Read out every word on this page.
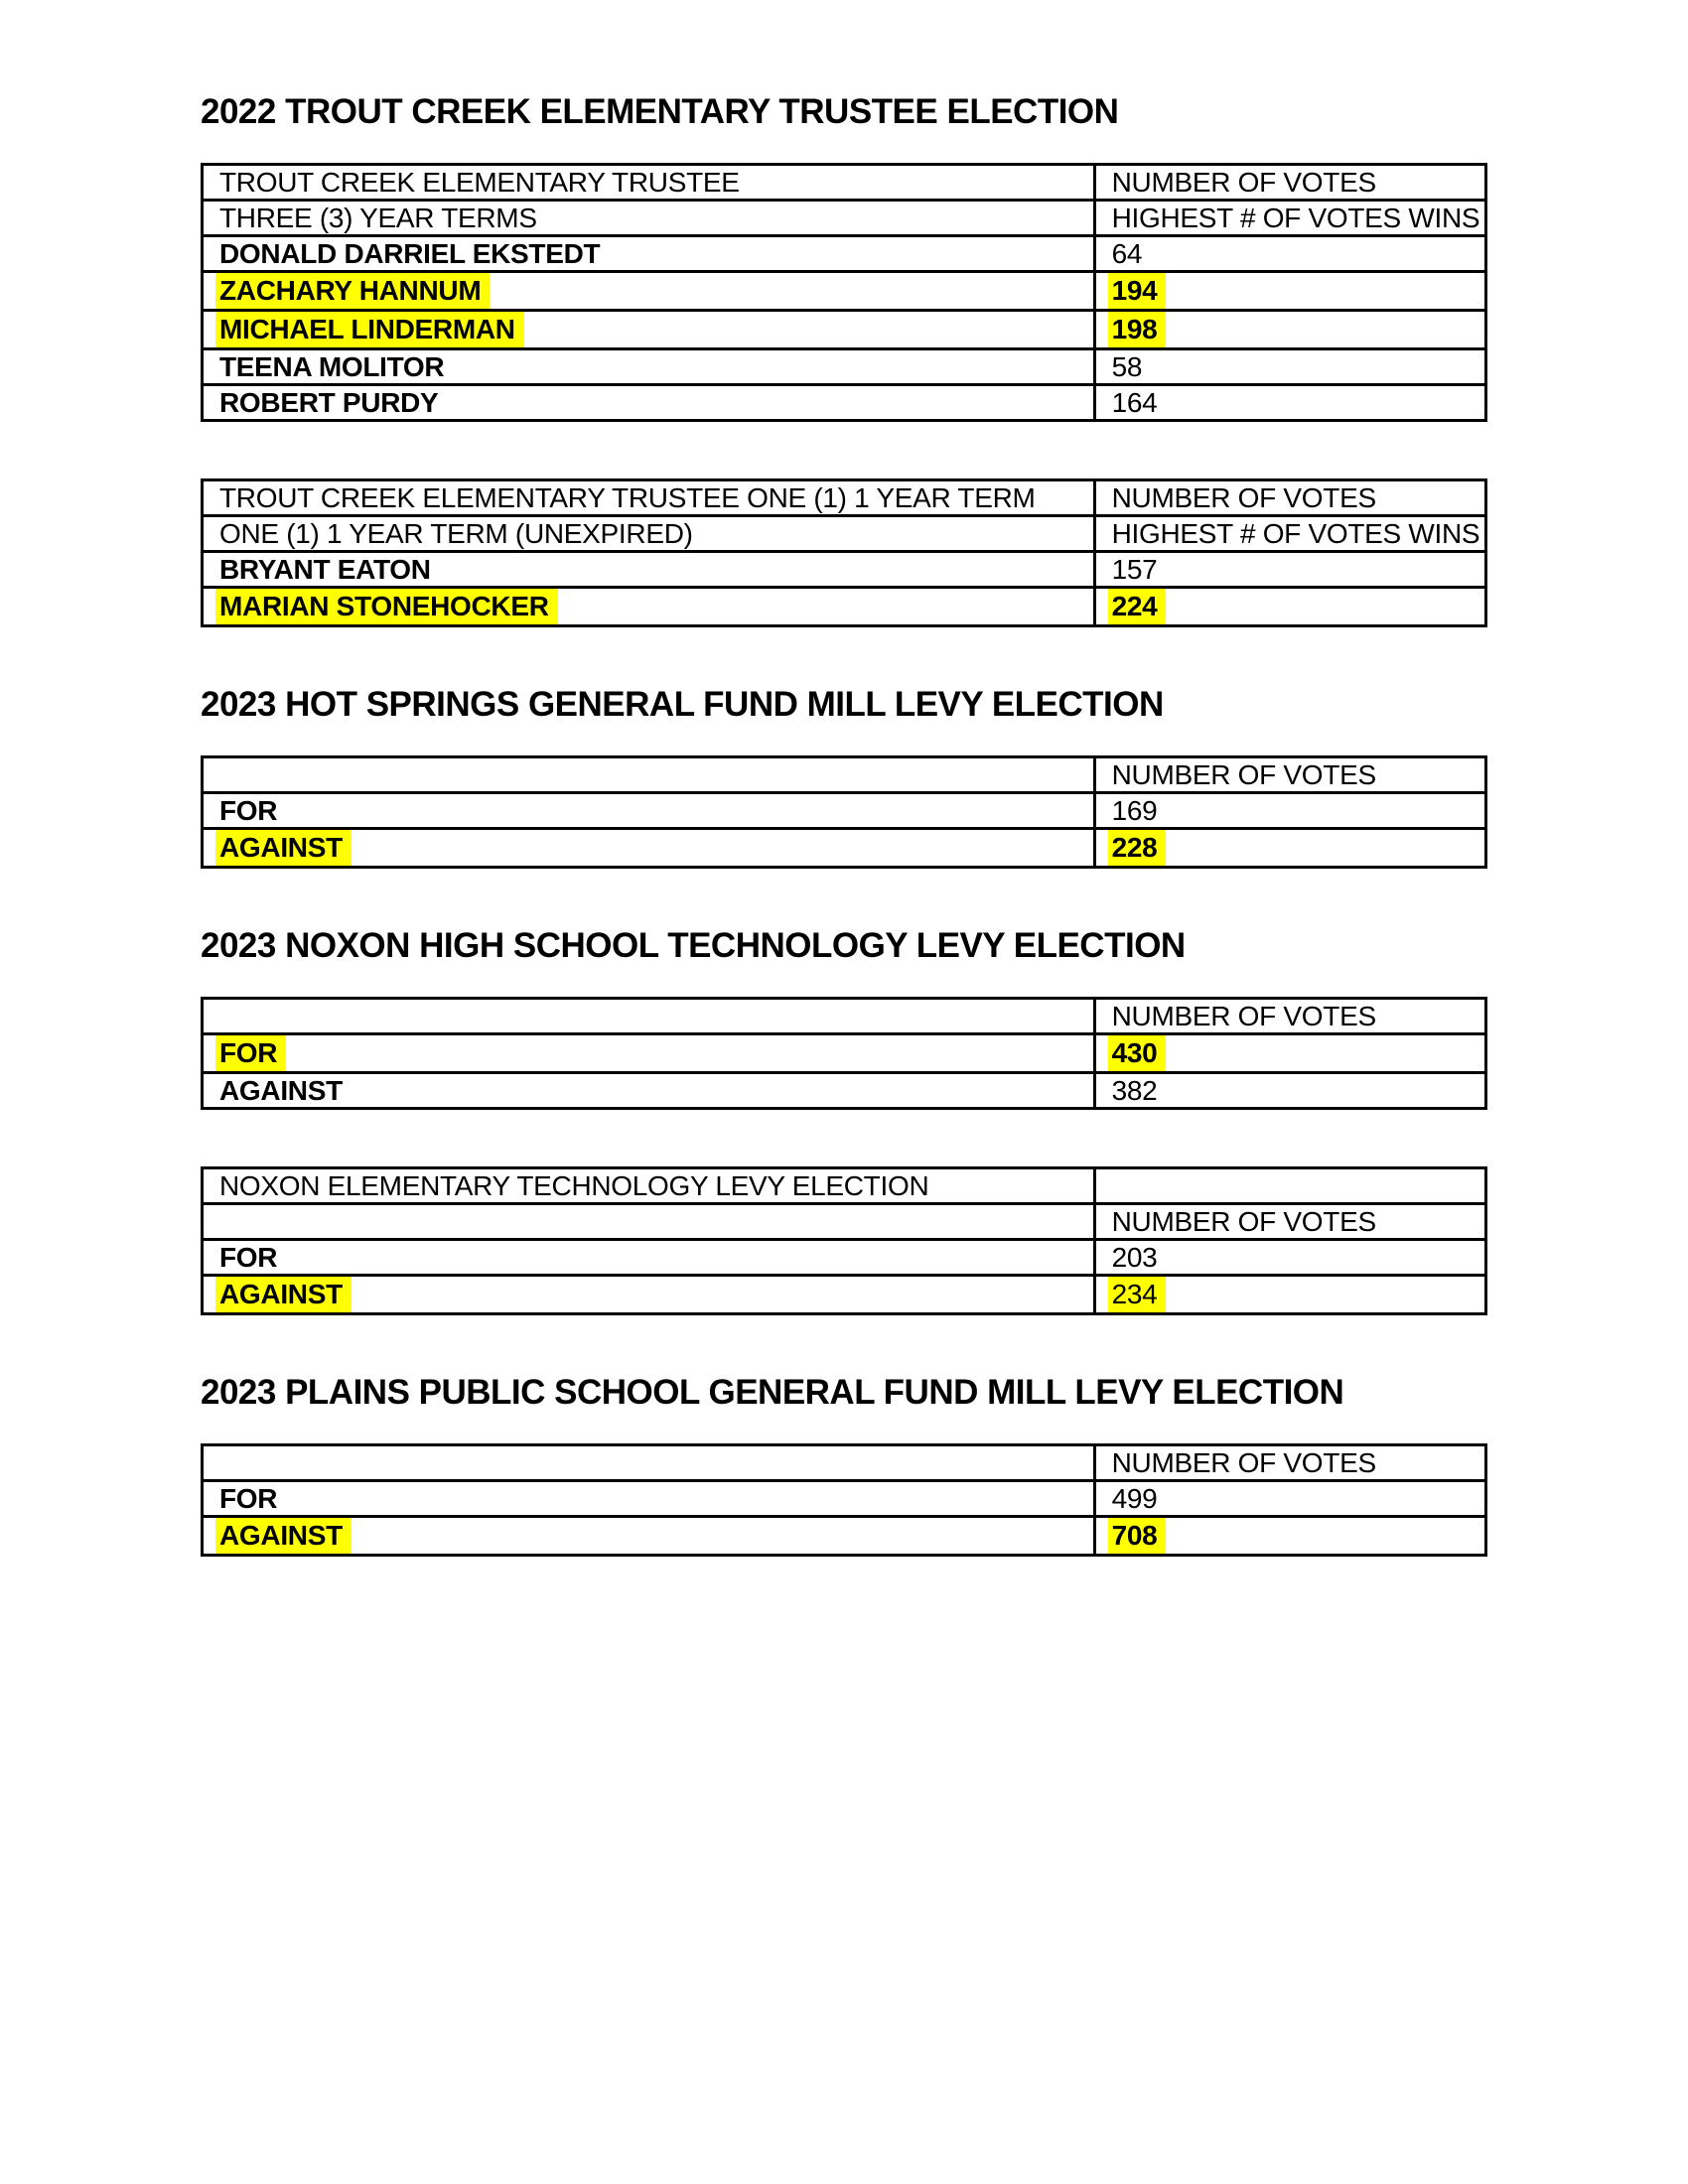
2022 TROUT CREEK ELEMENTARY TRUSTEE ELECTION
TROUT CREEK ELEMENTARY TRUSTEE	NUMBER OF VOTES
THREE (3) YEAR TERMS	HIGHEST # OF VOTES WINS
DONALD DARRIEL EKSTEDT	64
ZACHARY HANNUM	194
MICHAEL LINDERMAN	198
TEENA MOLITOR	58
ROBERT PURDY	164
TROUT CREEK ELEMENTARY TRUSTEE ONE (1) 1 YEAR TERM	NUMBER OF VOTES
ONE (1) 1 YEAR TERM (UNEXPIRED)	HIGHEST # OF VOTES WINS
BRYANT EATON	157
MARIAN STONEHOCKER	224
2023 HOT SPRINGS GENERAL FUND MILL LEVY ELECTION
	NUMBER OF VOTES
FOR	169
AGAINST	228
2023 NOXON HIGH SCHOOL TECHNOLOGY LEVY ELECTION
	NUMBER OF VOTES
FOR	430
AGAINST	382
NOXON ELEMENTARY TECHNOLOGY LEVY ELECTION	
	NUMBER OF VOTES
FOR	203
AGAINST	234
2023 PLAINS PUBLIC SCHOOL GENERAL FUND MILL LEVY ELECTION
	NUMBER OF VOTES
FOR	499
AGAINST	708
